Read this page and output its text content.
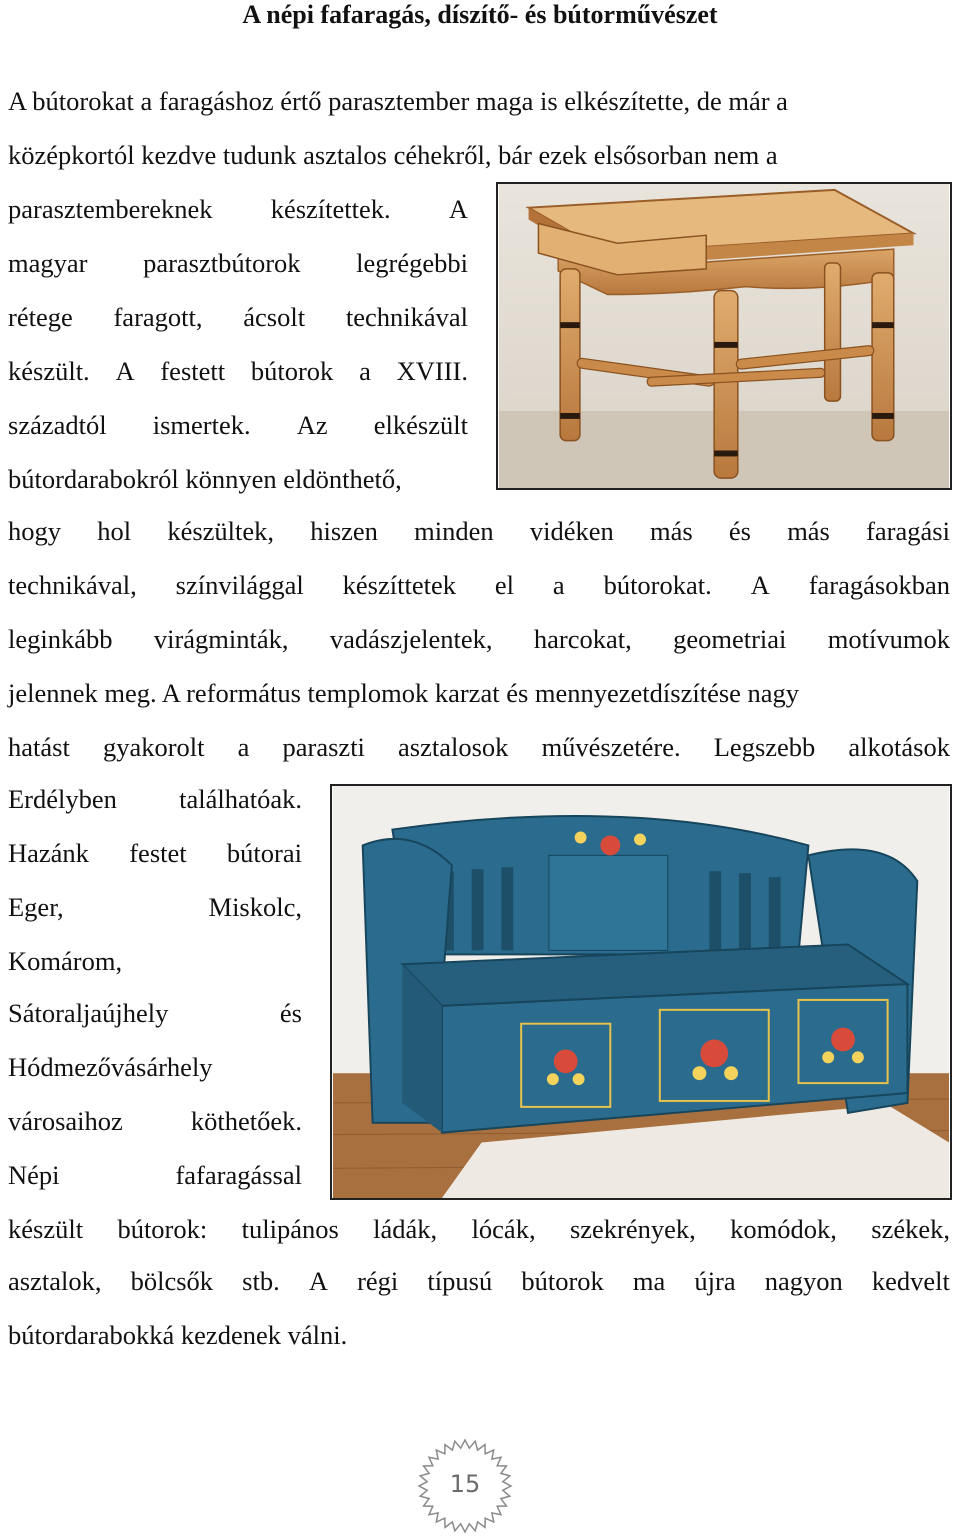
A népi fafaragás, díszítő- és bútorművészet
A bútorokat a faragáshoz értő parasztember maga is elkészítette, de már a
középkortól kezdve tudunk asztalos céhekről, bár ezek elsősorban nem a
parasztembereknek készítettek. A
magyar parasztbútorok legrégebbi
rétege faragott, ácsolt technikával
készült. A festett bútorok a XVIII.
századtól ismertek. Az elkészült
bútordarabokról könnyen eldönthető,
hogy hol készültek, hiszen minden vidéken más és más faragási
technikával, színvilággal készíttetek el a bútorokat. A faragásokban
leginkább virágminták, vadászjelentek, harcokat, geometriai motívumok
jelennek meg. A református templomok karzat és mennyezetdíszítése nagy
hatást gyakorolt a paraszti asztalosok művészetére. Legszebb alkotások
Erdélyben találhatóak.
Hazánk festet bútorai
Eger,	Miskolc,
Komárom,
Sátoraljaújhely	és
Hódmezővásárhely
városaihoz	köthetőek.
Népi	fafaragással
készült bútorok: tulipános ládák, lócák, szekrények, komódok, székek,
asztalok, bölcsők stb. A régi típusú bútorok ma újra nagyon kedvelt
bútordarabokká kezdenek válni.
15
